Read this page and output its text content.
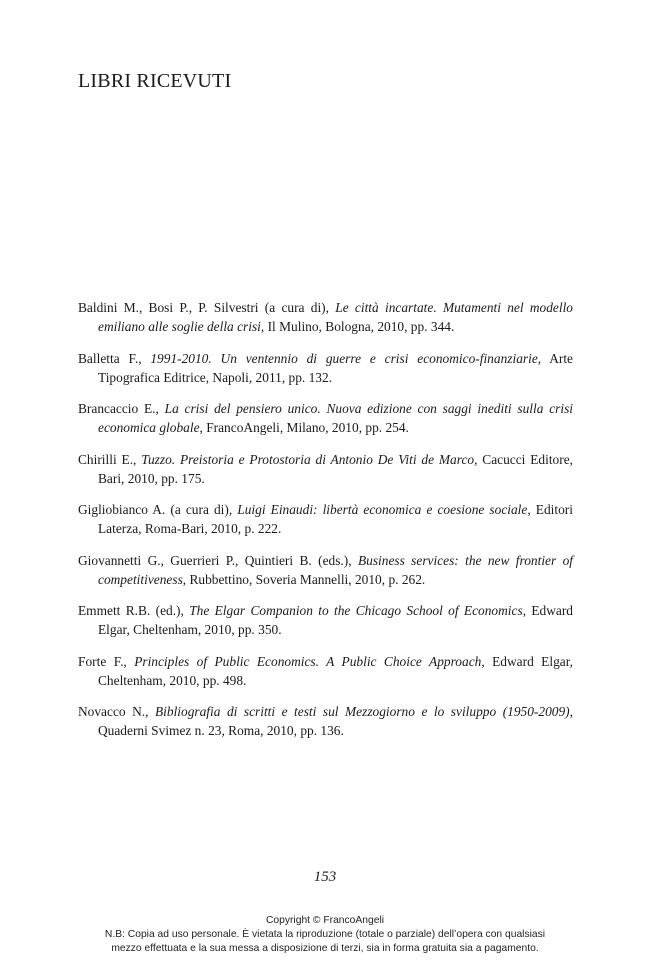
LIBRI RICEVUTI

Baldini M., Bosi P., P. Silvestri (a cura di), Le città incartate. Mutamenti nel modello emiliano alle soglie della crisi, Il Mulino, Bologna, 2010, pp. 344.

Balletta F., 1991-2010. Un ventennio di guerre e crisi economico-finanziarie, Arte Tipografica Editrice, Napoli, 2011, pp. 132.

Brancaccio E., La crisi del pensiero unico. Nuova edizione con saggi inediti sulla crisi economica globale, FrancoAngeli, Milano, 2010, pp. 254.

Chirilli E., Tuzzo. Preistoria e Protostoria di Antonio De Viti de Marco, Cacucci Editore, Bari, 2010, pp. 175.

Gigliobianco A. (a cura di), Luigi Einaudi: libertà economica e coesione sociale, Editori Laterza, Roma-Bari, 2010, p. 222.

Giovannetti G., Guerrieri P., Quintieri B. (eds.), Business services: the new frontier of competitiveness, Rubbettino, Soveria Mannelli, 2010, p. 262.

Emmett R.B. (ed.), The Elgar Companion to the Chicago School of Economics, Edward Elgar, Cheltenham, 2010, pp. 350.

Forte F., Principles of Public Economics. A Public Choice Approach, Edward Elgar, Cheltenham, 2010, pp. 498.

Novacco N., Bibliografia di scritti e testi sul Mezzogiorno e lo sviluppo (1950-2009), Quaderni Svimez n. 23, Roma, 2010, pp. 136.

153
Copyright © FrancoAngeli
N.B: Copia ad uso personale. È vietata la riproduzione (totale o parziale) dell’opera con qualsiasi
mezzo effettuata e la sua messa a disposizione di terzi, sia in forma gratuita sia a pagamento.
